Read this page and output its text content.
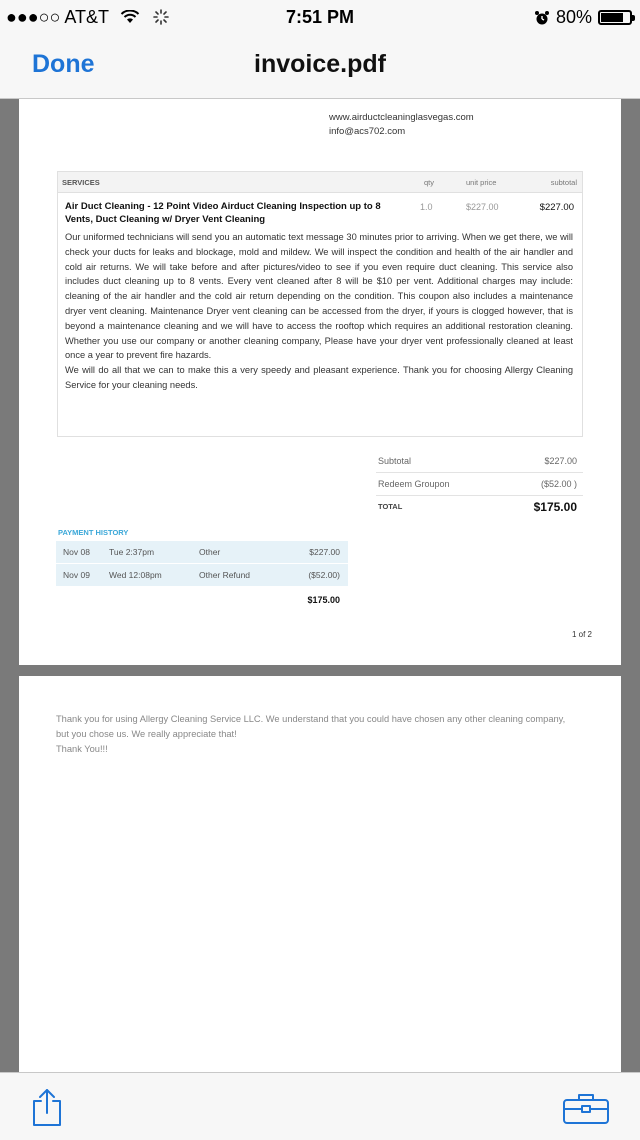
●●●○○ AT&T	7:51 PM	80%
Done	invoice.pdf
www.airductcleaninglasvegas.com
info@acs702.com
SERVICES	qty	unit price	subtotal
Air Duct Cleaning - 12 Point Video Airduct Cleaning Inspection up to 8 Vents, Duct Cleaning w/ Dryer Vent Cleaning
1.0	$227.00	$227.00
Our uniformed technicians will send you an automatic text message 30 minutes prior to arriving. When we get there, we will check your ducts for leaks and blockage, mold and mildew. We will inspect the condition and health of the air handler and cold air returns. We will take before and after pictures/video to see if you even require duct cleaning. This service also includes duct cleaning up to 8 vents. Every vent cleaned after 8 will be $10 per vent. Additional charges may include: cleaning of the air handler and the cold air return depending on the condition. This coupon also includes a maintenance dryer vent cleaning. Maintenance Dryer vent cleaning can be accessed from the dryer, if yours is clogged however, that is beyond a maintenance cleaning and we will have to access the rooftop which requires an additional restoration cleaning. Whether you use our company or another cleaning company, Please have your dryer vent professionally cleaned at least once a year to prevent fire hazards.
We will do all that we can to make this a very speedy and pleasant experience. Thank you for choosing Allergy Cleaning Service for your cleaning needs.
Subtotal	$227.00
Redeem Groupon	($52.00 )
TOTAL	$175.00
PAYMENT HISTORY
Nov 08 Tue 2:37pm	Other	$227.00
Nov 09 Wed 12:08pm	Other Refund	($52.00)
$175.00
1 of 2
Thank you for using Allergy Cleaning Service LLC. We understand that you could have chosen any other cleaning company, but you chose us. We really appreciate that!
Thank You!!!
